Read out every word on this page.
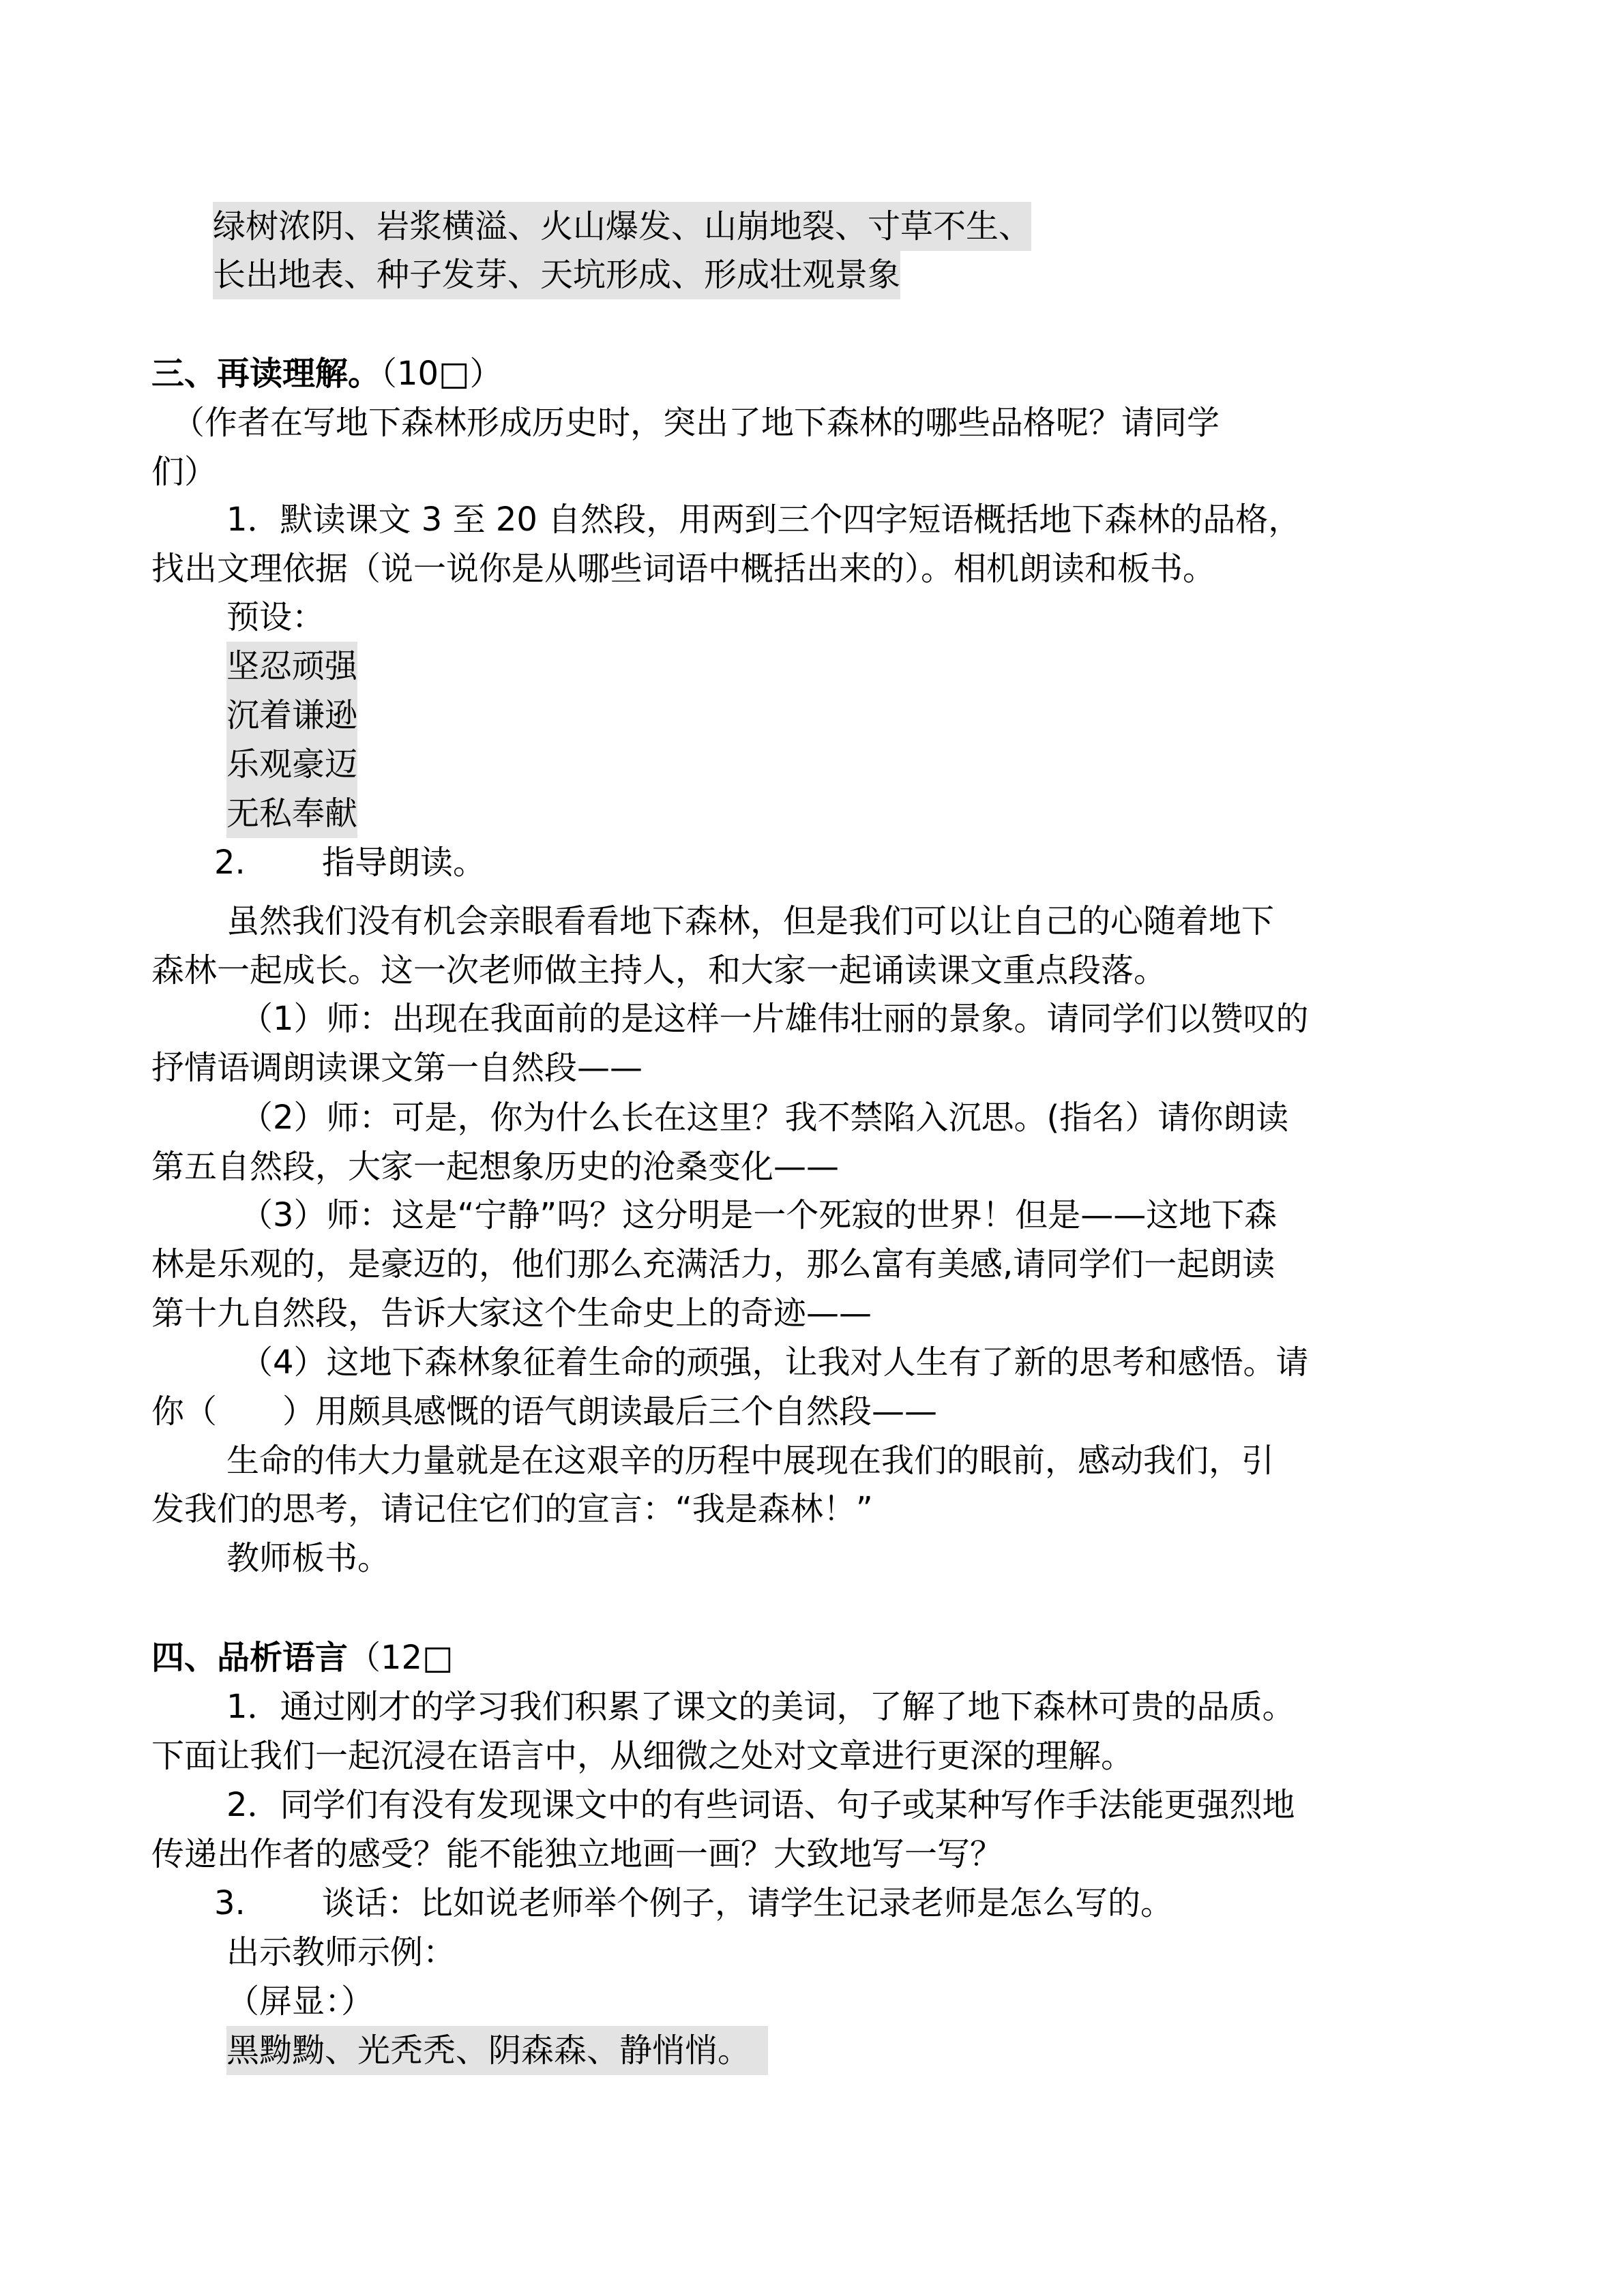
绿树浓阴、岩浆横溢、火山爆发、山崩地裂、寸草不生、
长出地表、种子发芽、天坑形成、形成壮观景象
三、再读理解。（10□）
（作者在写地下森林形成历史时，突出了地下森林的哪些品格呢？请同学
们）
1．默读课文 3 至 20 自然段，用两到三个四字短语概括地下森林的品格，
找出文理依据（说一说你是从哪些词语中概括出来的）。相机朗读和板书。
预设：
坚忍顽强
沉着谦逊
乐观豪迈
无私奉献
2. 指导朗读。
虽然我们没有机会亲眼看看地下森林，但是我们可以让自己的心随着地下
森林一起成长。这一次老师做主持人，和大家一起诵读课文重点段落。
（1）师：出现在我面前的是这样一片雄伟壮丽的景象。请同学们以赞叹的
抒情语调朗读课文第一自然段——
（2）师：可是，你为什么长在这里？我不禁陷入沉思。(指名）请你朗读
第五自然段，大家一起想象历史的沧桑变化——
（3）师：这是“宁静”吗？这分明是一个死寂的世界！但是——这地下森
林是乐观的，是豪迈的，他们那么充满活力，那么富有美感,请同学们一起朗读
第十九自然段，告诉大家这个生命史上的奇迹——
（4）这地下森林象征着生命的顽强，让我对人生有了新的思考和感悟。请
你（　　）用颇具感慨的语气朗读最后三个自然段——
生命的伟大力量就是在这艰辛的历程中展现在我们的眼前，感动我们，引
发我们的思考，请记住它们的宣言：“我是森林！”
教师板书。
四、品析语言（12□
1．通过刚才的学习我们积累了课文的美词，了解了地下森林可贵的品质。
下面让我们一起沉浸在语言中，从细微之处对文章进行更深的理解。
2．同学们有没有发现课文中的有些词语、句子或某种写作手法能更强烈地
传递出作者的感受？能不能独立地画一画？大致地写一写？
3. 谈话：比如说老师举个例子，请学生记录老师是怎么写的。
出示教师示例：
（屏显：）
黑黝黝、光秃秃、阴森森、静悄悄。
